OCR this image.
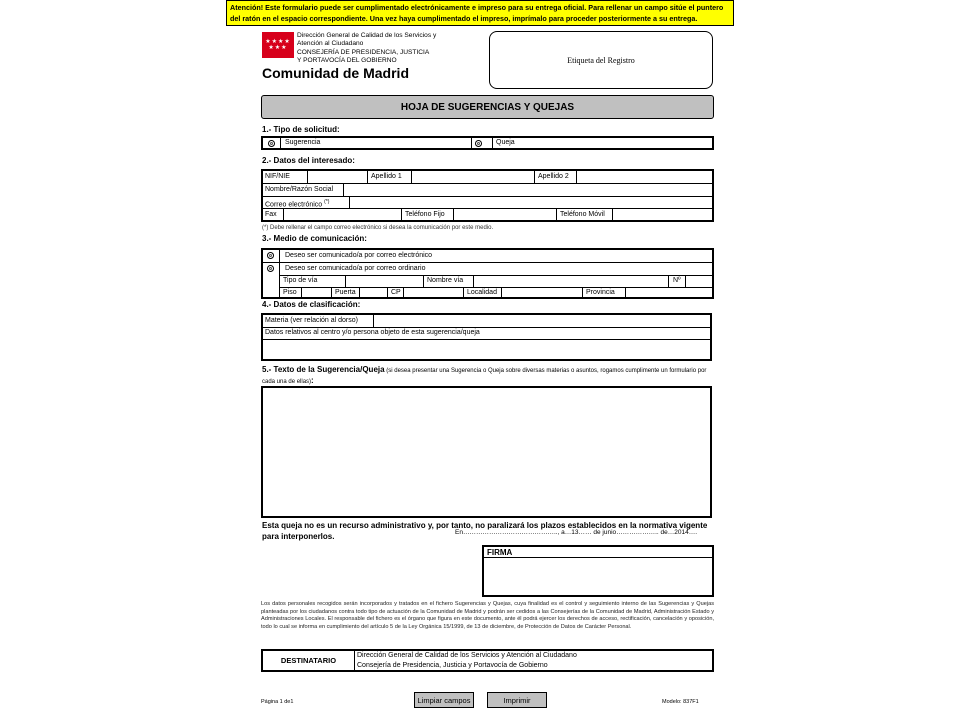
Atención! Este formulario puede ser cumplimentado electrónicamente e impreso para su entrega oficial. Para rellenar un campo sitúe el puntero del ratón en el espacio correspondiente. Una vez haya cumplimentado el impreso, imprímalo para proceder posteriormente a su entrega.
★★★★
★★★
Dirección General de Calidad de los Servicios y
Atención al Ciudadano
CONSEJERÍA DE PRESIDENCIA, JUSTICIA
Y PORTAVOCÍA DEL GOBIERNO
Comunidad de Madrid
Etiqueta del Registro
HOJA DE SUGERENCIAS Y QUEJAS
1.- Tipo de solicitud:
Sugerencia	Queja
2.- Datos del interesado:
NIF/NIE	Apellido 1	Apellido 2
Nombre/Razón Social
Correo electrónico (*)
Fax	Teléfono Fijo	Teléfono Móvil
(*) Debe rellenar el campo correo electrónico si desea la comunicación por este medio.
3.- Medio de comunicación:
Deseo ser comunicado/a por correo electrónico
Deseo ser comunicado/a por correo ordinario
Tipo de vía	Nombre vía	Nº
Piso	Puerta	CP	Localidad	Provincia
4.- Datos de clasificación:
Materia (ver relación al dorso)
Datos relativos al centro y/o persona objeto de esta sugerencia/queja
5.- Texto de la Sugerencia/Queja (si desea presentar una Sugerencia o Queja sobre diversas materias o asuntos, rogamos cumplimente un formulario por cada una de ellas):
Esta queja no es un recurso administrativo y, por tanto, no paralizará los plazos establecidos en la normativa vigente para interponerlos.	En…………………………………….., a…13…… de junio……………….. de…2014….
FIRMA
Los datos personales recogidos serán incorporados y tratados en el fichero Sugerencias y Quejas, cuya finalidad es el control y seguimiento interno de las Sugerencias y Quejas planteadas por los ciudadanos contra todo tipo de actuación de la Comunidad de Madrid y podrán ser cedidos a las Consejerías de la Comunidad de Madrid, Administración Estado y Administraciones Locales. El responsable del fichero es el órgano que figura en este documento, ante él podrá ejercer los derechos de acceso, rectificación, cancelación y oposición, todo lo cual se informa en cumplimiento del artículo 5 de la Ley Orgánica 15/1999, de 13 de diciembre, de Protección de Datos de Carácter Personal.
DESTINATARIO
Dirección General de Calidad de los Servicios y Atención al Ciudadano
Consejería de Presidencia, Justicia y Portavocía de Gobierno
Página 1 de1	Limpiar campos	Imprimir	Modelo: 837F1
